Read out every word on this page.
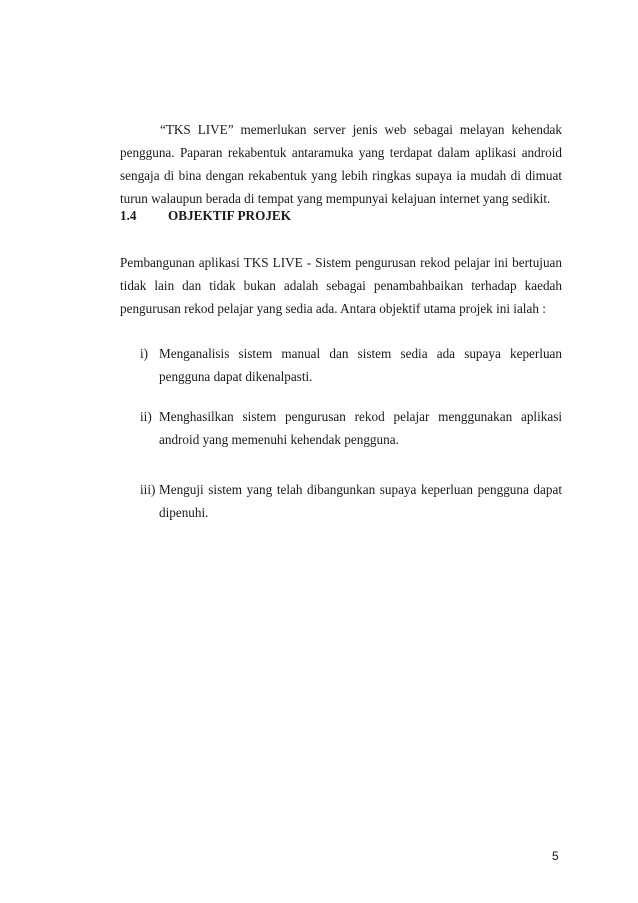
“TKS LIVE” memerlukan server jenis web sebagai melayan kehendak pengguna. Paparan rekabentuk antaramuka yang terdapat dalam aplikasi android sengaja di bina dengan rekabentuk yang lebih ringkas supaya ia mudah di dimuat turun walaupun berada di tempat yang mempunyai kelajuan internet yang sedikit.

1.4 OBJEKTIF PROJEK

Pembangunan aplikasi TKS LIVE - Sistem pengurusan rekod pelajar ini bertujuan tidak lain dan tidak bukan adalah sebagai penambahbaikan terhadap kaedah pengurusan rekod pelajar yang sedia ada. Antara objektif utama projek ini ialah :

i) Menganalisis sistem manual dan sistem sedia ada supaya keperluan pengguna dapat dikenalpasti.
ii) Menghasilkan sistem pengurusan rekod pelajar menggunakan aplikasi android yang memenuhi kehendak pengguna.
iii) Menguji sistem yang telah dibangunkan supaya keperluan pengguna dapat dipenuhi.
5
